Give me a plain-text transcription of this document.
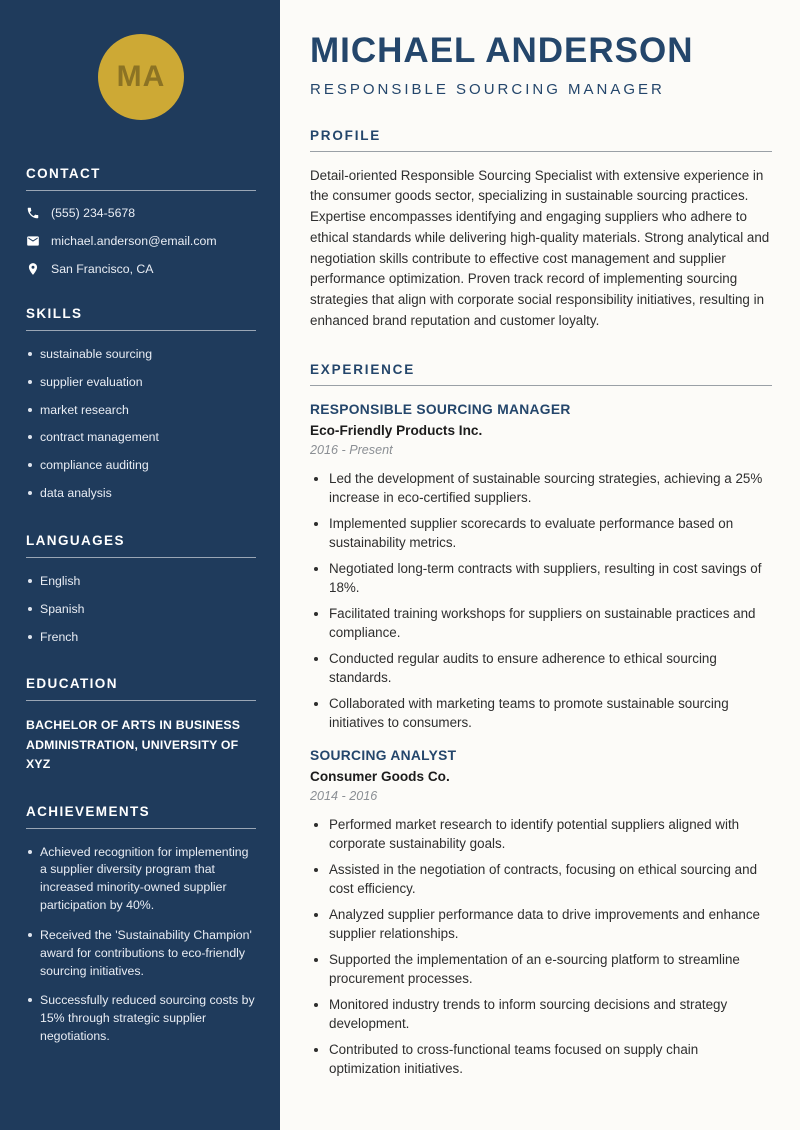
MA
CONTACT
(555) 234-5678
michael.anderson@email.com
San Francisco, CA
SKILLS
sustainable sourcing
supplier evaluation
market research
contract management
compliance auditing
data analysis
LANGUAGES
English
Spanish
French
EDUCATION
BACHELOR OF ARTS IN BUSINESS ADMINISTRATION, UNIVERSITY OF XYZ
ACHIEVEMENTS
Achieved recognition for implementing a supplier diversity program that increased minority-owned supplier participation by 40%.
Received the 'Sustainability Champion' award for contributions to eco-friendly sourcing initiatives.
Successfully reduced sourcing costs by 15% through strategic supplier negotiations.
MICHAEL ANDERSON
RESPONSIBLE SOURCING MANAGER
PROFILE

Detail-oriented Responsible Sourcing Specialist with extensive experience in the consumer goods sector, specializing in sustainable sourcing practices. Expertise encompasses identifying and engaging suppliers who adhere to ethical standards while delivering high-quality materials. Strong analytical and negotiation skills contribute to effective cost management and supplier performance optimization. Proven track record of implementing sourcing strategies that align with corporate social responsibility initiatives, resulting in enhanced brand reputation and customer loyalty.

EXPERIENCE
RESPONSIBLE SOURCING MANAGER
Eco-Friendly Products Inc.
2016 - Present
• Led the development of sustainable sourcing strategies, achieving a 25% increase in eco-certified suppliers.
• Implemented supplier scorecards to evaluate performance based on sustainability metrics.
• Negotiated long-term contracts with suppliers, resulting in cost savings of 18%.
• Facilitated training workshops for suppliers on sustainable practices and compliance.
• Conducted regular audits to ensure adherence to ethical sourcing standards.
• Collaborated with marketing teams to promote sustainable sourcing initiatives to consumers.
SOURCING ANALYST
Consumer Goods Co.
2014 - 2016
• Performed market research to identify potential suppliers aligned with corporate sustainability goals.
• Assisted in the negotiation of contracts, focusing on ethical sourcing and cost efficiency.
• Analyzed supplier performance data to drive improvements and enhance supplier relationships.
• Supported the implementation of an e-sourcing platform to streamline procurement processes.
• Monitored industry trends to inform sourcing decisions and strategy development.
• Contributed to cross-functional teams focused on supply chain optimization initiatives.
